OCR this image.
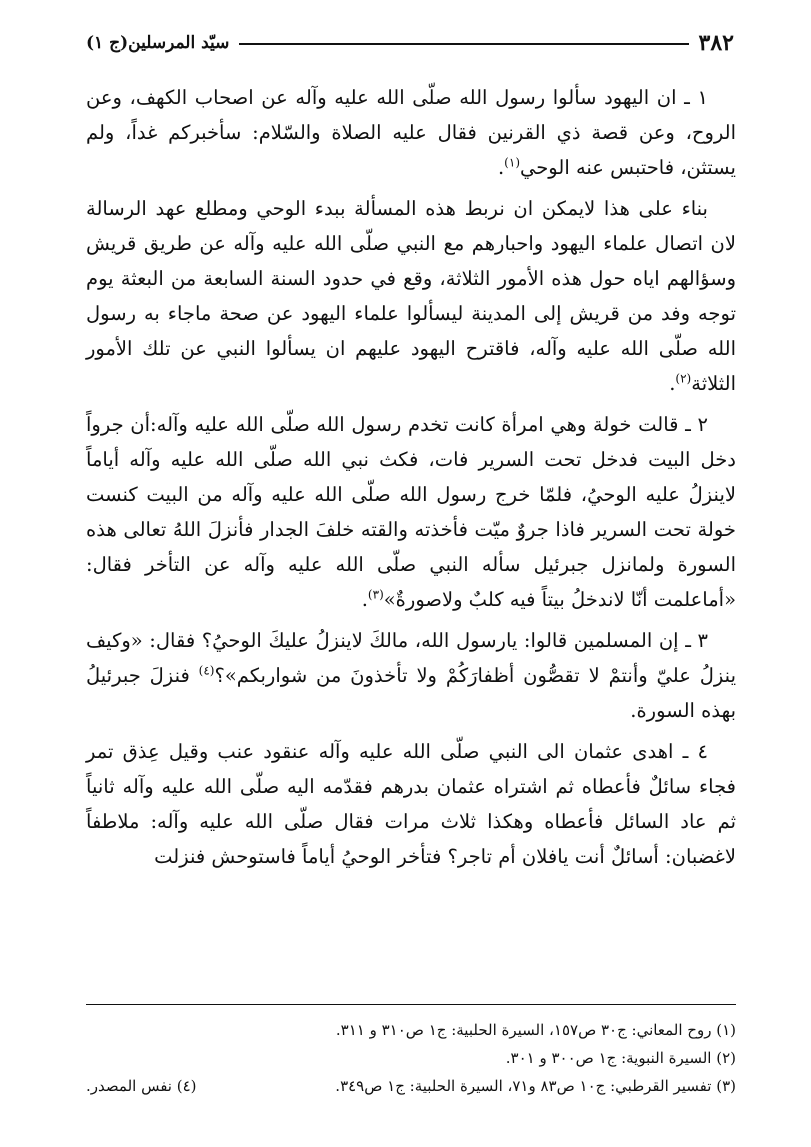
٣٨٢
سيّد المرسلين(ج ١)

١ ـ ان اليهود سألوا رسول الله صلّى الله عليه وآله عن اصحاب الكهف، وعن الروح، وعن قصة ذي القرنين فقال عليه الصلاة والسّلام: سأخبركم غداً، ولم يستثن، فاحتبس عنه الوحي$^{(١)}$.

بناء على هذا لايمكن ان نربط هذه المسألة ببدء الوحي ومطلع عهد الرسالة لان اتصال علماء اليهود واحبارهم مع النبي صلّى الله عليه وآله عن طريق قريش وسؤالهم اياه حول هذه الأمور الثلاثة، وقع في حدود السنة السابعة من البعثة يوم توجه وفد من قريش إلى المدينة ليسألوا علماء اليهود عن صحة ماجاء به رسول الله صلّى الله عليه وآله، فاقترح اليهود عليهم ان يسألوا النبي عن تلك الأمور الثلاثة$^{(٢)}$.

٢ ـ قالت خولة وهي امرأة كانت تخدم رسول الله صلّى الله عليه وآله:أن جرواً دخل البيت فدخل تحت السرير فات، فكث نبي الله صلّى الله عليه وآله أياماً لاينزلُ عليه الوحيُ، فلمّا خرج رسول الله صلّى الله عليه وآله من البيت كنست خولة تحت السرير فاذا جروٌ ميّت فأخذته والقته خلفَ الجدار فأنزلَ اللهُ تعالى هذه السورة ولمانزل جبرئيل سأله النبي صلّى الله عليه وآله عن التأخر فقال: «أماعلمت أنّا لاندخلُ بيتاً فيه كلبٌ ولاصورةٌ»$^{(٣)}$.

٣ ـ إن المسلمين قالوا: يارسول الله، مالكَ لاينزلُ عليكَ الوحيُ؟ فقال: «وكيف ينزلُ عليّ وأنتمْ لا تقصُّون أظفارَكُمْ ولا تأخذونَ من شواربكم»؟$^{(٤)}$ فنزلَ جبرئيلُ بهذه السورة.

٤ ـ اهدى عثمان الى النبي صلّى الله عليه وآله عنقود عنب وقيل عِذق تمر فجاء سائلٌ فأعطاه ثم اشتراه عثمان بدرهم فقدّمه اليه صلّى الله عليه وآله ثانياً ثم عاد السائل فأعطاه وهكذا ثلاث مرات فقال صلّى الله عليه وآله: ملاطفاً لاغضبان: أسائلٌ أنت يافلان أم تاجر؟ فتأخر الوحيُ أياماً فاستوحش فنزلت

(١) روح المعاني: ج٣٠ ص١٥٧، السيرة الحلبية: ج١ ص٣١٠ و ٣١١.
(٢) السيرة النبوية: ج١ ص٣٠٠ و ٣٠١.
(٣) تفسير القرطبي: ج١٠ ص٨٣ و٧١، السيرة الحلبية: ج١ ص٣٤٩.
(٤) نفس المصدر.
